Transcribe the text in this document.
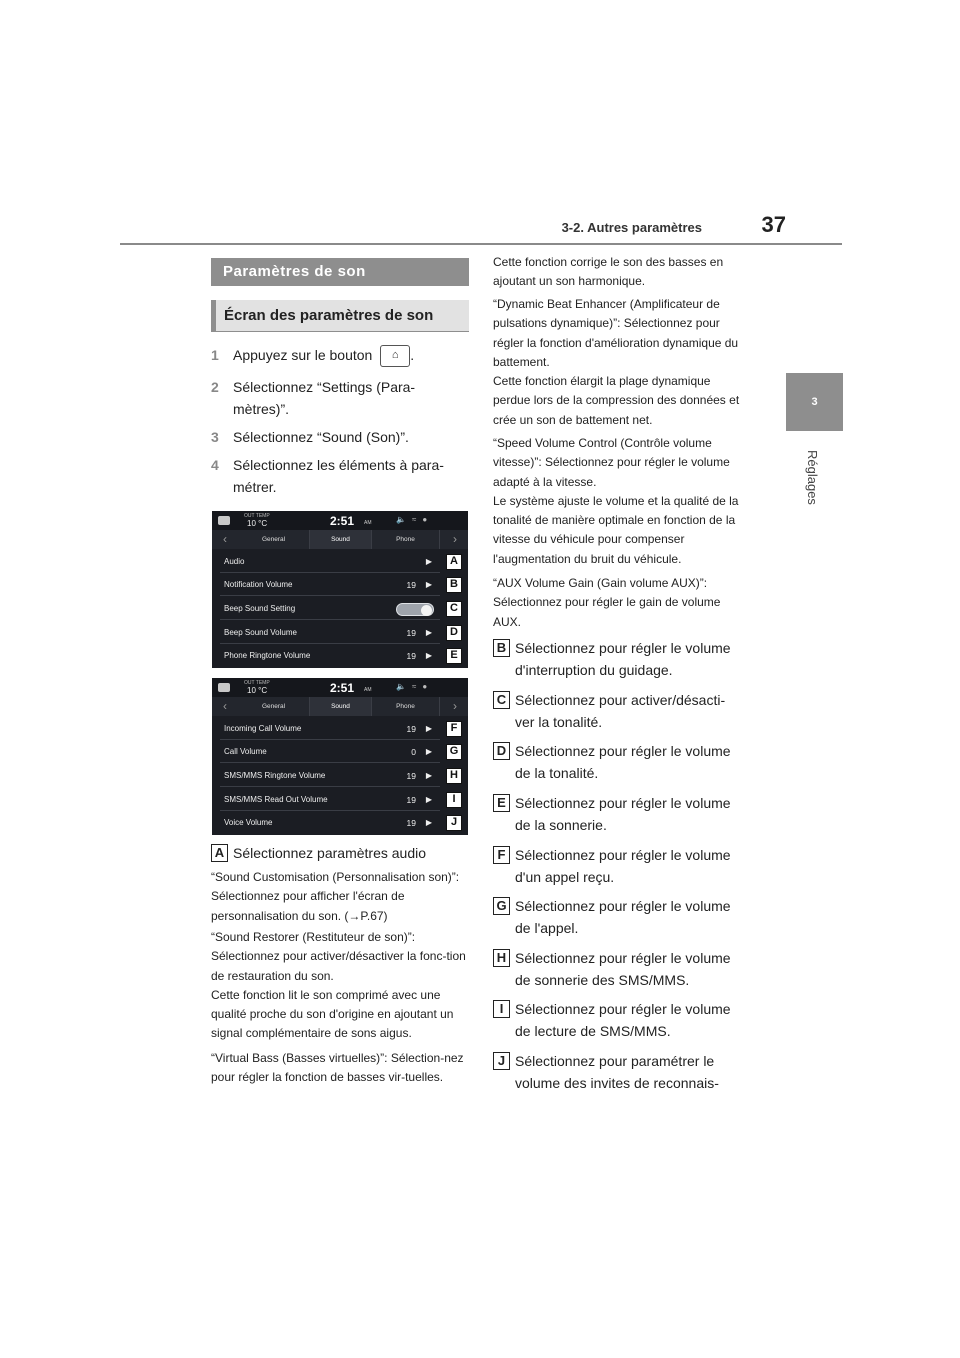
3-2. Autres paramètres	37
3
Réglages
Paramètres de son
Écran des paramètres de son
1	Appuyez sur le bouton ⌂ .
2	Sélectionnez “Settings (Para-mètres)”.
3	Sélectionnez “Sound (Son)”.
4	Sélectionnez les éléments à para-métrer.
OUT TEMP
10 °C	2:51 AM	🔈≈●
‹	General	Sound	Phone	›
Audio	▶
Notification Volume	19 ▶
Beep Sound Setting
Beep Sound Volume	19 ▶
Phone Ringtone Volume	19 ▶
A
B
C
D
E
OUT TEMP
10 °C	2:51 AM	🔈≈●
‹	General	Sound	Phone	›
Incoming Call Volume	19 ▶
Call Volume	0 ▶
SMS/MMS Ringtone Volume	19 ▶
SMS/MMS Read Out Volume	19 ▶
Voice Volume	19 ▶
F
G
H
I
J
A Sélectionnez paramètres audio
“Sound Customisation (Personnalisation son)”: Sélectionnez pour afficher l'écran de personnalisation du son. (→P.67)
“Sound Restorer (Restituteur de son)”: Sélectionnez pour activer/désactiver la fonc-tion de restauration du son.
Cette fonction lit le son comprimé avec une qualité proche du son d'origine en ajoutant un signal complémentaire de sons aigus.
“Virtual Bass (Basses virtuelles)”: Sélection-nez pour régler la fonction de basses vir-tuelles.
Cette fonction corrige le son des basses en ajoutant un son harmonique.
“Dynamic Beat Enhancer (Amplificateur de pulsations dynamique)”: Sélectionnez pour régler la fonction d'amélioration dynamique du battement.
Cette fonction élargit la plage dynamique perdue lors de la compression des données et crée un son de battement net.
“Speed Volume Control (Contrôle volume vitesse)”: Sélectionnez pour régler le volume adapté à la vitesse.
Le système ajuste le volume et la qualité de la tonalité de manière optimale en fonction de la vitesse du véhicule pour compenser l'augmentation du bruit du véhicule.
“AUX Volume Gain (Gain volume AUX)”: Sélectionnez pour régler le gain de volume AUX.
B Sélectionnez pour régler le volume d'interruption du guidage.
C Sélectionnez pour activer/désacti-ver la tonalité.
D Sélectionnez pour régler le volume de la tonalité.
E Sélectionnez pour régler le volume de la sonnerie.
F Sélectionnez pour régler le volume d'un appel reçu.
G Sélectionnez pour régler le volume de l'appel.
H Sélectionnez pour régler le volume de sonnerie des SMS/MMS.
I Sélectionnez pour régler le volume de lecture de SMS/MMS.
J Sélectionnez pour paramétrer le volume des invites de reconnais-
